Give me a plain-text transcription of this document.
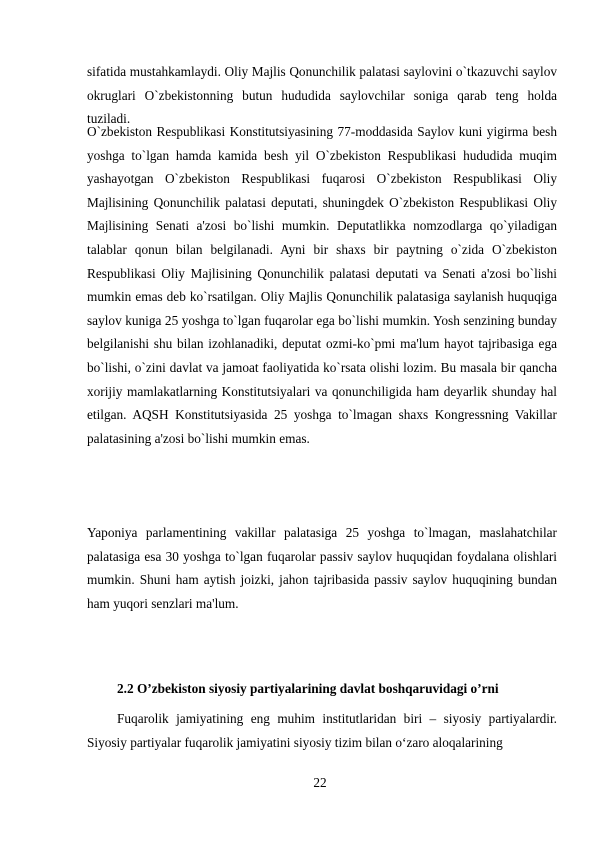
sifatida mustahkamlaydi. Oliy Majlis Qonunchilik palatasi saylovini o`tkazuvchi saylov okruglari O`zbekistonning butun hududida saylovchilar soniga qarab teng holda tuziladi.

O`zbekiston Respublikasi Konstitutsiyasining 77-moddasida Saylov kuni yigirma besh yoshga to`lgan hamda kamida besh yil O`zbekiston Respublikasi hududida muqim yashayotgan O`zbekiston Respublikasi fuqarosi O`zbekiston Respublikasi Oliy Majlisining Qonunchilik palatasi deputati, shuningdek O`zbekiston Respublikasi Oliy Majlisining Senati a'zosi bo`lishi mumkin. Deputatlikka nomzodlarga qo`yiladigan talablar qonun bilan belgilanadi. Ayni bir shaxs bir paytning o`zida O`zbekiston Respublikasi Oliy Majlisining Qonunchilik palatasi deputati va Senati a'zosi bo`lishi mumkin emas deb ko`rsatilgan. Oliy Majlis Qonunchilik palatasiga saylanish huquqiga saylov kuniga 25 yoshga to`lgan fuqarolar ega bo`lishi mumkin. Yosh senzining bunday belgilanishi shu bilan izohlanadiki, deputat ozmi-ko`pmi ma'lum hayot tajribasiga ega bo`lishi, o`zini davlat va jamoat faoliyatida ko`rsata olishi lozim. Bu masala bir qancha xorijiy mamlakatlarning Konstitutsiyalari va qonunchiligida ham deyarlik shunday hal etilgan. AQSH Konstitutsiyasida 25 yoshga to`lmagan shaxs Kongressning Vakillar palatasining a'zosi bo`lishi mumkin emas.

Yaponiya parlamentining vakillar palatasiga 25 yoshga to`lmagan, maslahatchilar palatasiga esa 30 yoshga to`lgan fuqarolar passiv saylov huquqidan foydalana olishlari mumkin. Shuni ham aytish joizki, jahon tajribasida passiv saylov huquqining bundan ham yuqori senzlari ma'lum.

2.2 O’zbekiston siyosiy partiyalarining davlat boshqaruvidagi o’rni

Fuqarolik jamiyatining eng muhim institutlaridan biri – siyosiy partiyalardir. Siyosiy partiyalar fuqarolik jamiyatini siyosiy tizim bilan o‘zaro aloqalarining

22
